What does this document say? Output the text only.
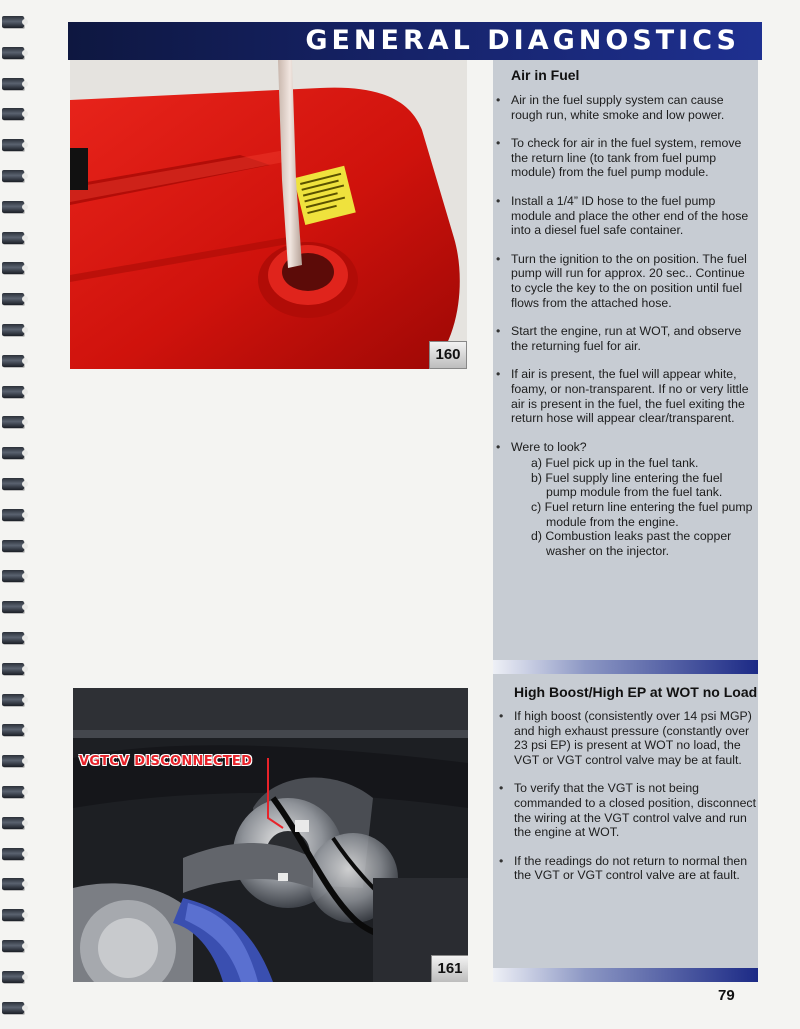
GENERAL DIAGNOSTICS
Air in Fuel
• Air in the fuel supply system can cause rough run, white smoke and low power.
• To check for air in the fuel system, remove the return line (to tank from fuel pump module) from the fuel pump module.
• Install a 1/4” ID hose to the fuel pump module and place the other end of the hose into a diesel fuel safe container.
• Turn the ignition to the on position. The fuel pump will run for approx. 20 sec.. Continue to cycle the key to the on position until fuel flows from the attached hose.
• Start the engine, run at WOT, and observe the returning fuel for air.
• If air is present, the fuel will appear white, foamy, or non-transparent. If no or very little air is present in the fuel, the fuel exiting the return hose will appear clear/transparent.
• Were to look?
a) Fuel pick up in the fuel tank.
b) Fuel supply line entering the fuel pump module from the fuel tank.
c) Fuel return line entering the fuel pump module from the engine.
d) Combustion leaks past the copper washer on the injector.
High Boost/High EP at WOT no Load
• If high boost (consistently over 14 psi MGP) and high exhaust pressure (constantly over 23 psi EP) is present at WOT no load, the VGT or VGT control valve may be at fault.
• To verify that the VGT is not being commanded to a closed position, disconnect the wiring at the VGT control valve and run the engine at WOT.
• If the readings do not return to normal then the VGT or VGT control valve are at fault.
160

VGTCV DISCONNECTED

161

79
